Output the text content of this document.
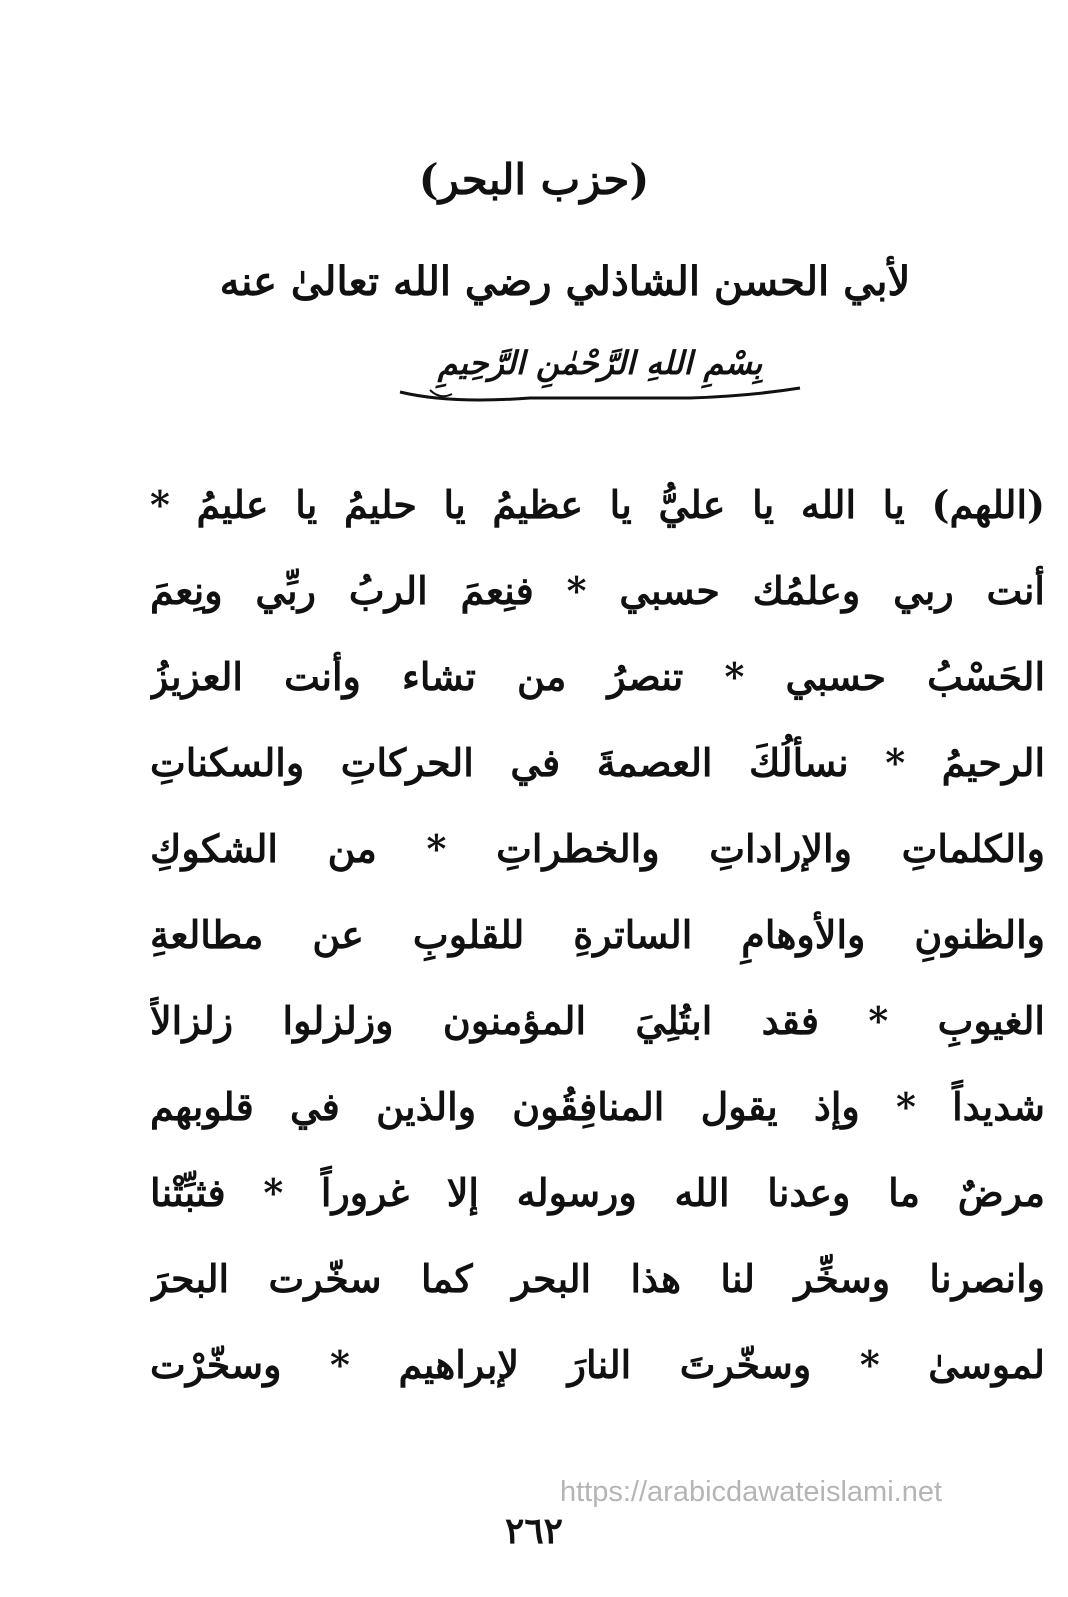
(حزب البحر)
لأبي الحسن الشاذلي رضي الله تعالىٰ عنه
بِسْمِ اللهِ الرَّحْمٰنِ الرَّحِيمِ
(اللهم) يا الله يا عليُّ يا عظيمُ يا حليمُ يا عليمُ *
أنت ربي وعلمُك حسبي * فنِعمَ الربُ ربِّي ونِعمَ
الحَسْبُ حسبي * تنصرُ من تشاء وأنت العزيزُ
الرحيمُ * نسألُكَ العصمةَ في الحركاتِ والسكناتِ
والكلماتِ والإراداتِ والخطراتِ * من الشكوكِ
والظنونِ والأوهامِ الساترةِ للقلوبِ عن مطالعةِ
الغيوبِ * فقد ابتُلِيَ المؤمنون وزلزلوا زلزالاً
شديداً * وإذ يقول المنافِقُون والذين في قلوبهم
مرضٌ ما وعدنا الله ورسوله إلا غروراً * فثبِّتْنا
وانصرنا وسخِّر لنا هذا البحر كما سخّرت البحرَ
لموسىٰ * وسخّرتَ النارَ لإبراهيم * وسخّرْت
https://arabicdawateislami.net
٢٦٢
